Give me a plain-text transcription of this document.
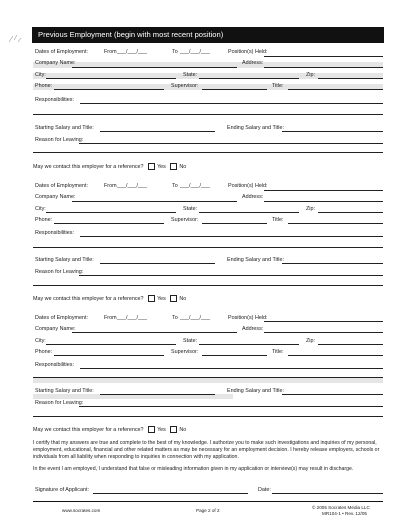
Previous Employment (begin with most recent position)
Dates of Employment:	From ___/___/___	To ___/___/___	Position(s) Held:
Company Name:	Address:
City:	State:	Zip:
Phone:	Supervisor:	Title:
Responsibilities:
Starting Salary and Title:	Ending Salary and Title:
Reason for Leaving:
May we contact this employer for a reference?	Yes	No
Dates of Employment:	From ___/___/___	To ___/___/___	Position(s) Held:
Company Name:	Address:
City:	State:	Zip:
Phone:	Supervisor:	Title:
Responsibilities:
Starting Salary and Title:	Ending Salary and Title:
Reason for Leaving:
May we contact this employer for a reference?	Yes	No
Dates of Employment:	From ___/___/___	To ___/___/___	Position(s) Held:
Company Name:	Address:
City:	State:	Zip:
Phone:	Supervisor:	Title:
Responsibilities:
Starting Salary and Title:	Ending Salary and Title:
Reason for Leaving:
May we contact this employer for a reference?	Yes	No
I certify that my answers are true and complete to the best of my knowledge. I authorize you to make such investigations and inquiries of my personal, employment, educational, financial and other related matters as may be necessary for an employment decision. I hereby release employers, schools or individuals from all liability when responding to inquiries in connection with my application.
In the event I am employed, I understand that false or misleading information given in my application or interview(s) may result in discharge.
Signature of Applicant:	Date:
www.socrates.com	Page 2 of 2
© 2005 Socrates Media LLC
MR104-1 • Rev. 12/05
